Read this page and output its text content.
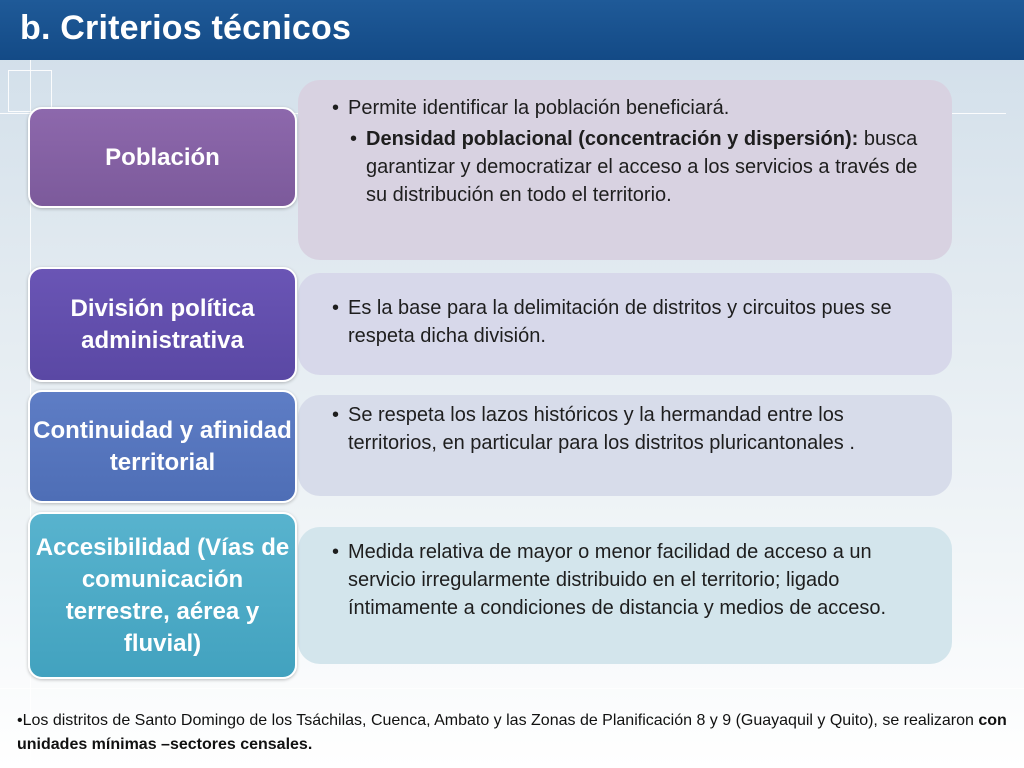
b. Criterios técnicos
• Permite identificar la población beneficiará.
• Densidad poblacional (concentración y dispersión): busca garantizar y democratizar el acceso a los servicios a través de su distribución en todo el territorio.
Población
• Es la base para la delimitación de distritos y circuitos pues se respeta dicha división.
División política administrativa
• Se respeta los lazos históricos y la hermandad entre los territorios, en particular para los distritos pluricantonales .
Continuidad y afinidad territorial
• Medida relativa de mayor o menor facilidad de acceso a un servicio irregularmente distribuido en el territorio; ligado íntimamente a condiciones de distancia y medios de acceso.
Accesibilidad (Vías de comunicación terrestre, aérea y fluvial)
•Los distritos de Santo Domingo de los Tsáchilas, Cuenca, Ambato y las Zonas de Planificación 8 y 9 (Guayaquil y Quito), se realizaron con unidades mínimas –sectores censales.
